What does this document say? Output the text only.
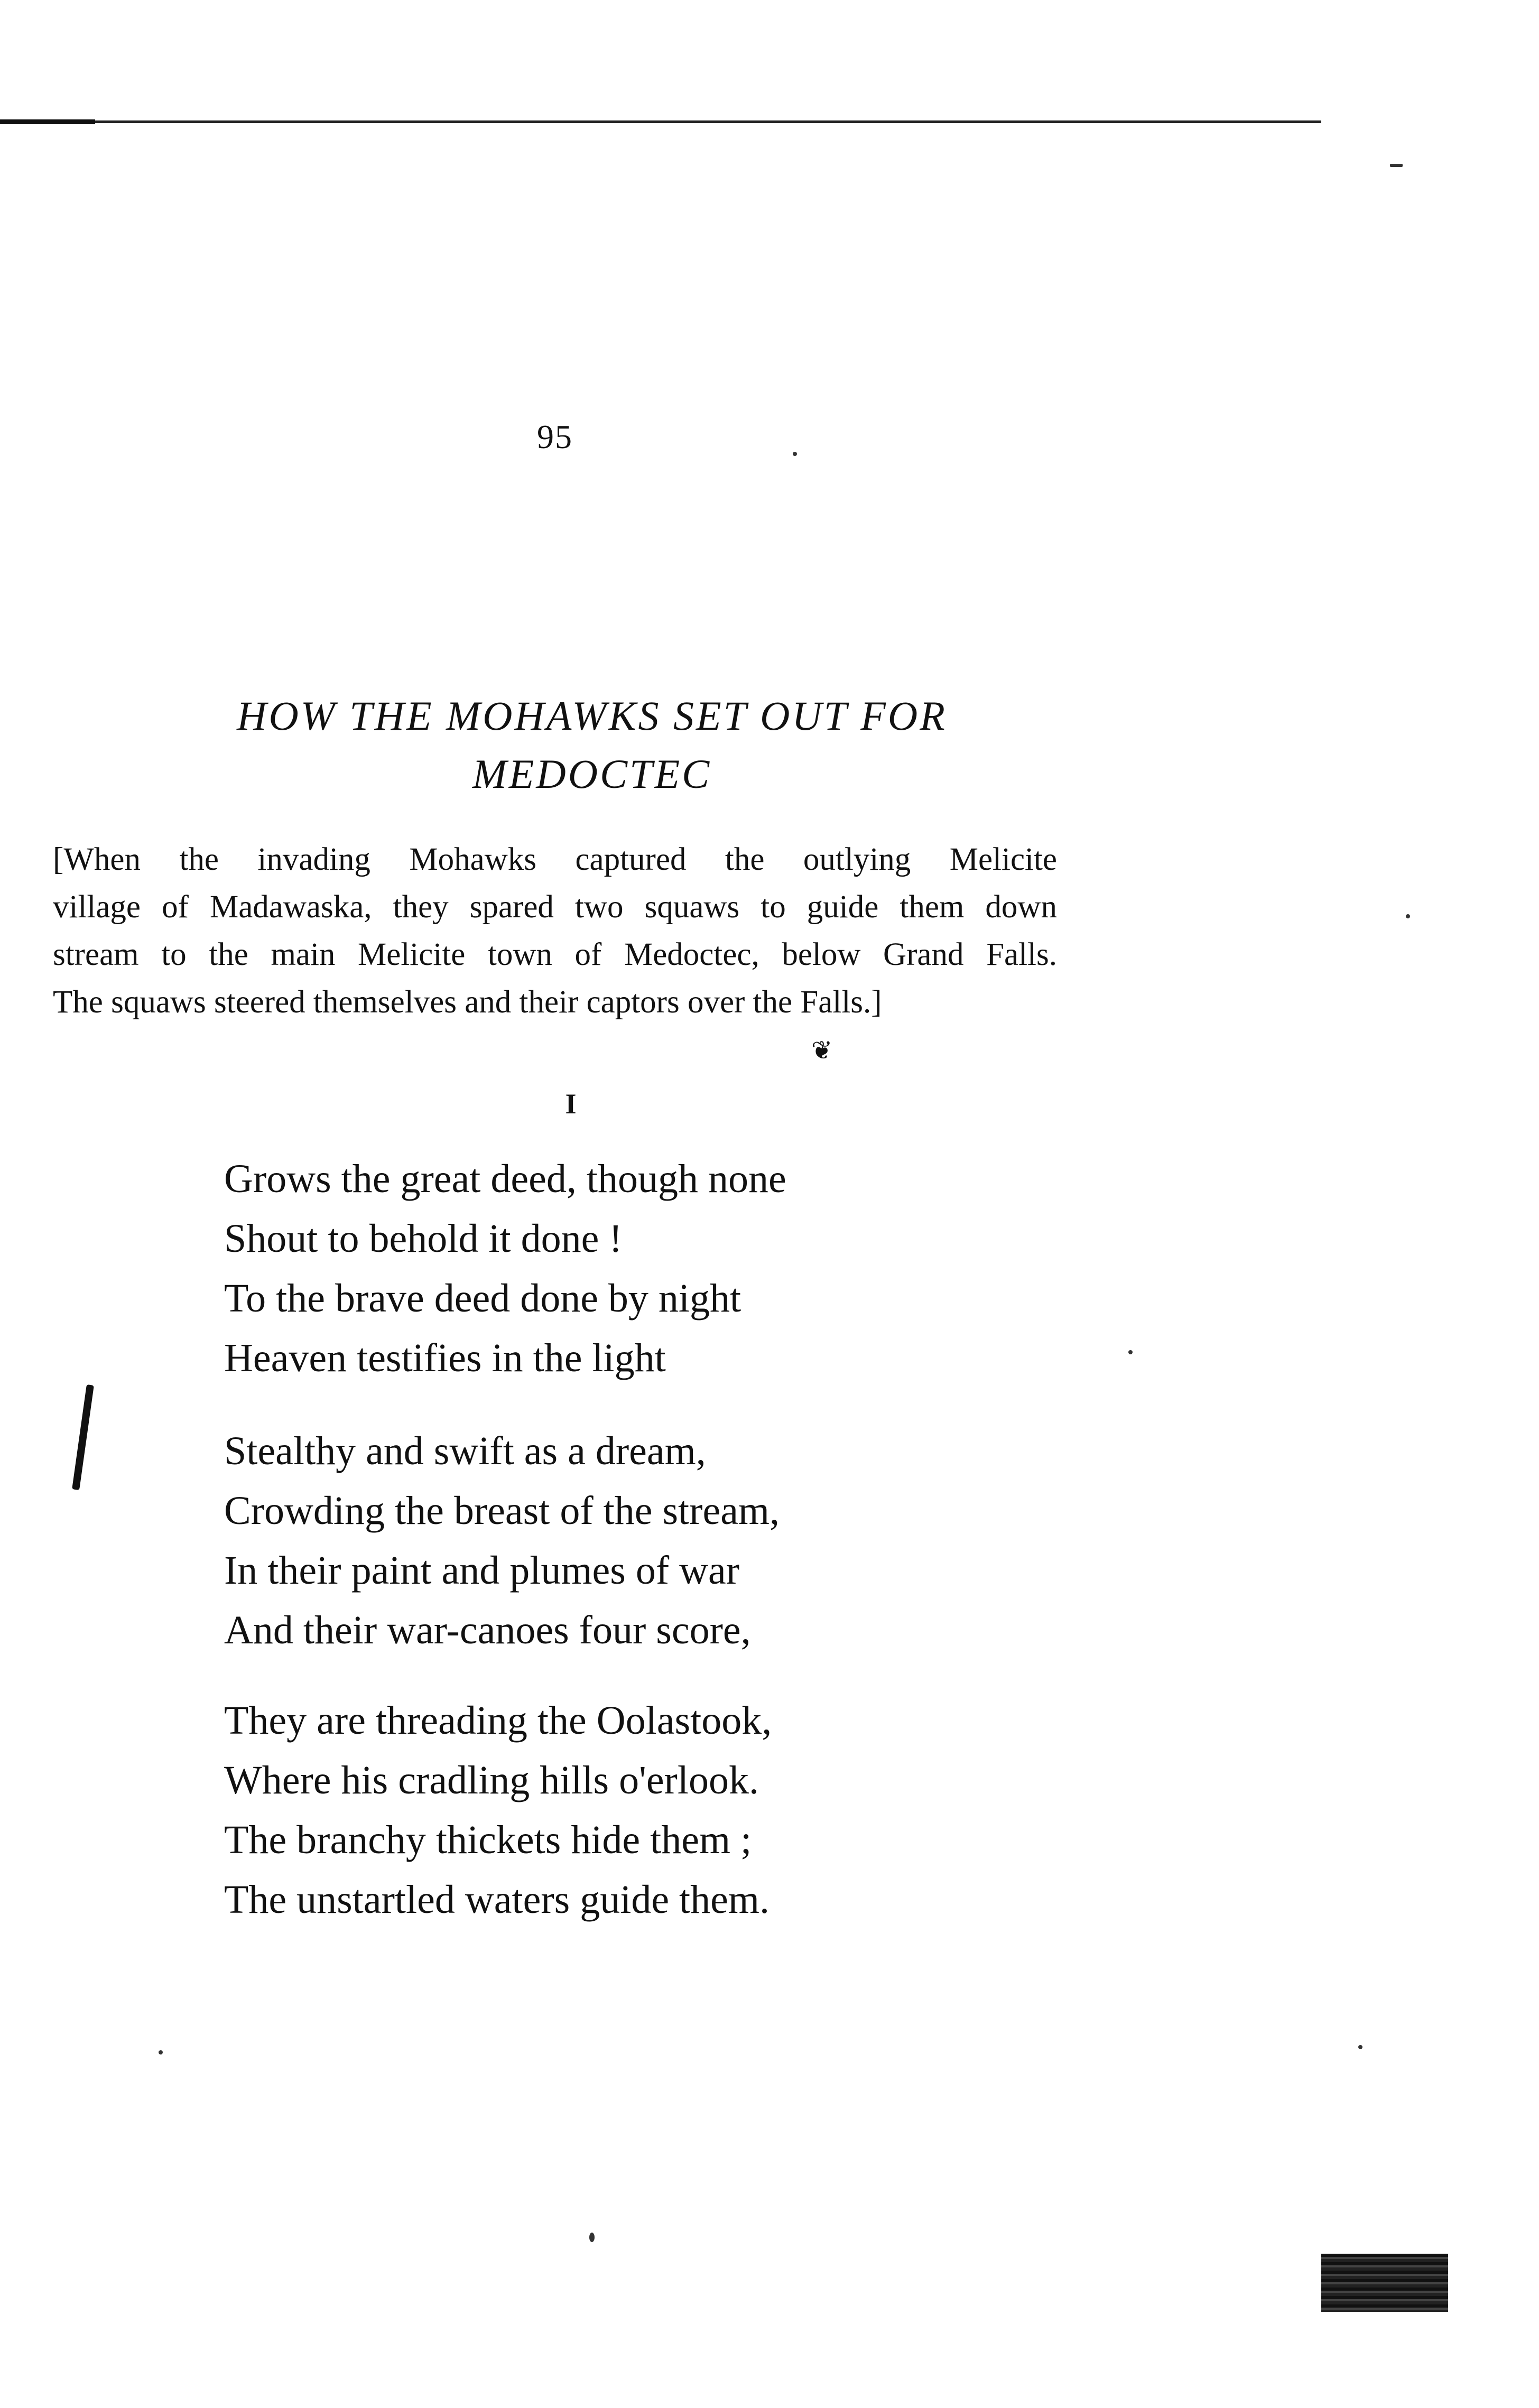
95
HOW THE MOHAWKS SET OUT FOR
MEDOCTEC
[When the invading Mohawks captured the outlying Melicite
village of Madawaska, they spared two squaws to guide them down
stream to the main Melicite town of Medoctec, below Grand Falls.
The squaws steered themselves and their captors over the Falls.]
❦
I
Grows the great deed, though none
Shout to behold it done !
To the brave deed done by night
Heaven testifies in the light
Stealthy and swift as a dream,
Crowding the breast of the stream,
In their paint and plumes of war
And their war-canoes four score,
They are threading the Oolastook,
Where his cradling hills o'erlook.
The branchy thickets hide them ;
The unstartled waters guide them.
